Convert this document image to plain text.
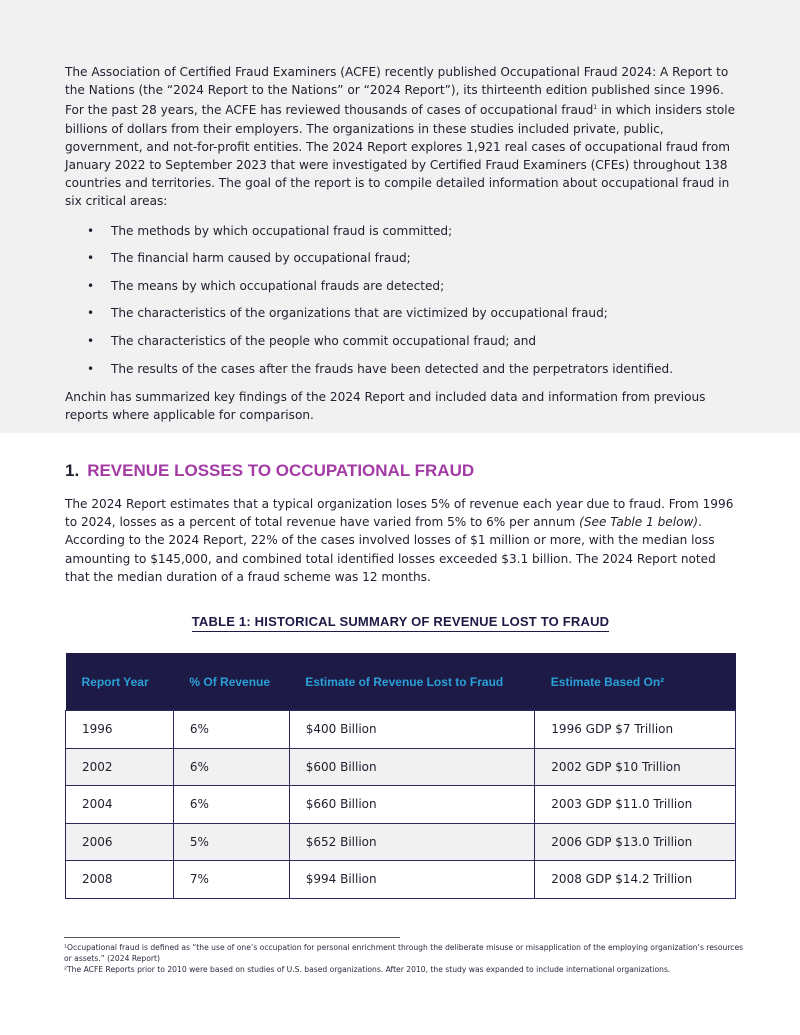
The Association of Certified Fraud Examiners (ACFE) recently published Occupational Fraud 2024: A Report to the Nations (the “2024 Report to the Nations” or “2024 Report”), its thirteenth edition published since 1996.
For the past 28 years, the ACFE has reviewed thousands of cases of occupational fraud$^1$ in which insiders stole billions of dollars from their employers. The organizations in these studies included private, public, government, and not-for-profit entities. The 2024 Report explores 1,921 real cases of occupational fraud from January 2022 to September 2023 that were investigated by Certified Fraud Examiners (CFEs) throughout 138 countries and territories. The goal of the report is to compile detailed information about occupational fraud in six critical areas:

• The methods by which occupational fraud is committed;
• The financial harm caused by occupational fraud;
• The means by which occupational frauds are detected;
• The characteristics of the organizations that are victimized by occupational fraud;
• The characteristics of the people who commit occupational fraud; and
• The results of the cases after the frauds have been detected and the perpetrators identified.

Anchin has summarized key findings of the 2024 Report and included data and information from previous reports where applicable for comparison.

1. REVENUE LOSSES TO OCCUPATIONAL FRAUD

The 2024 Report estimates that a typical organization loses 5% of revenue each year due to fraud. From 1996 to 2024, losses as a percent of total revenue have varied from 5% to 6% per annum (See Table 1 below). According to the 2024 Report, 22% of the cases involved losses of $1 million or more, with the median loss amounting to $145,000, and combined total identified losses exceeded $3.1 billion. The 2024 Report noted that the median duration of a fraud scheme was 12 months.

TABLE 1: HISTORICAL SUMMARY OF REVENUE LOST TO FRAUD
Report Year	% Of Revenue	Estimate of Revenue Lost to Fraud	Estimate Based On²
1996	6%	$400 Billion	1996 GDP $7 Trillion
2002	6%	$600 Billion	2002 GDP $10 Trillion
2004	6%	$660 Billion	2003 GDP $11.0 Trillion
2006	5%	$652 Billion	2006 GDP $13.0 Trillion
2008	7%	$994 Billion	2008 GDP $14.2 Trillion

¹Occupational fraud is defined as “the use of one’s occupation for personal enrichment through the deliberate misuse or misapplication of the employing organization’s resources or assets.” (2024 Report)

²The ACFE Reports prior to 2010 were based on studies of U.S. based organizations. After 2010, the study was expanded to include international organizations.
